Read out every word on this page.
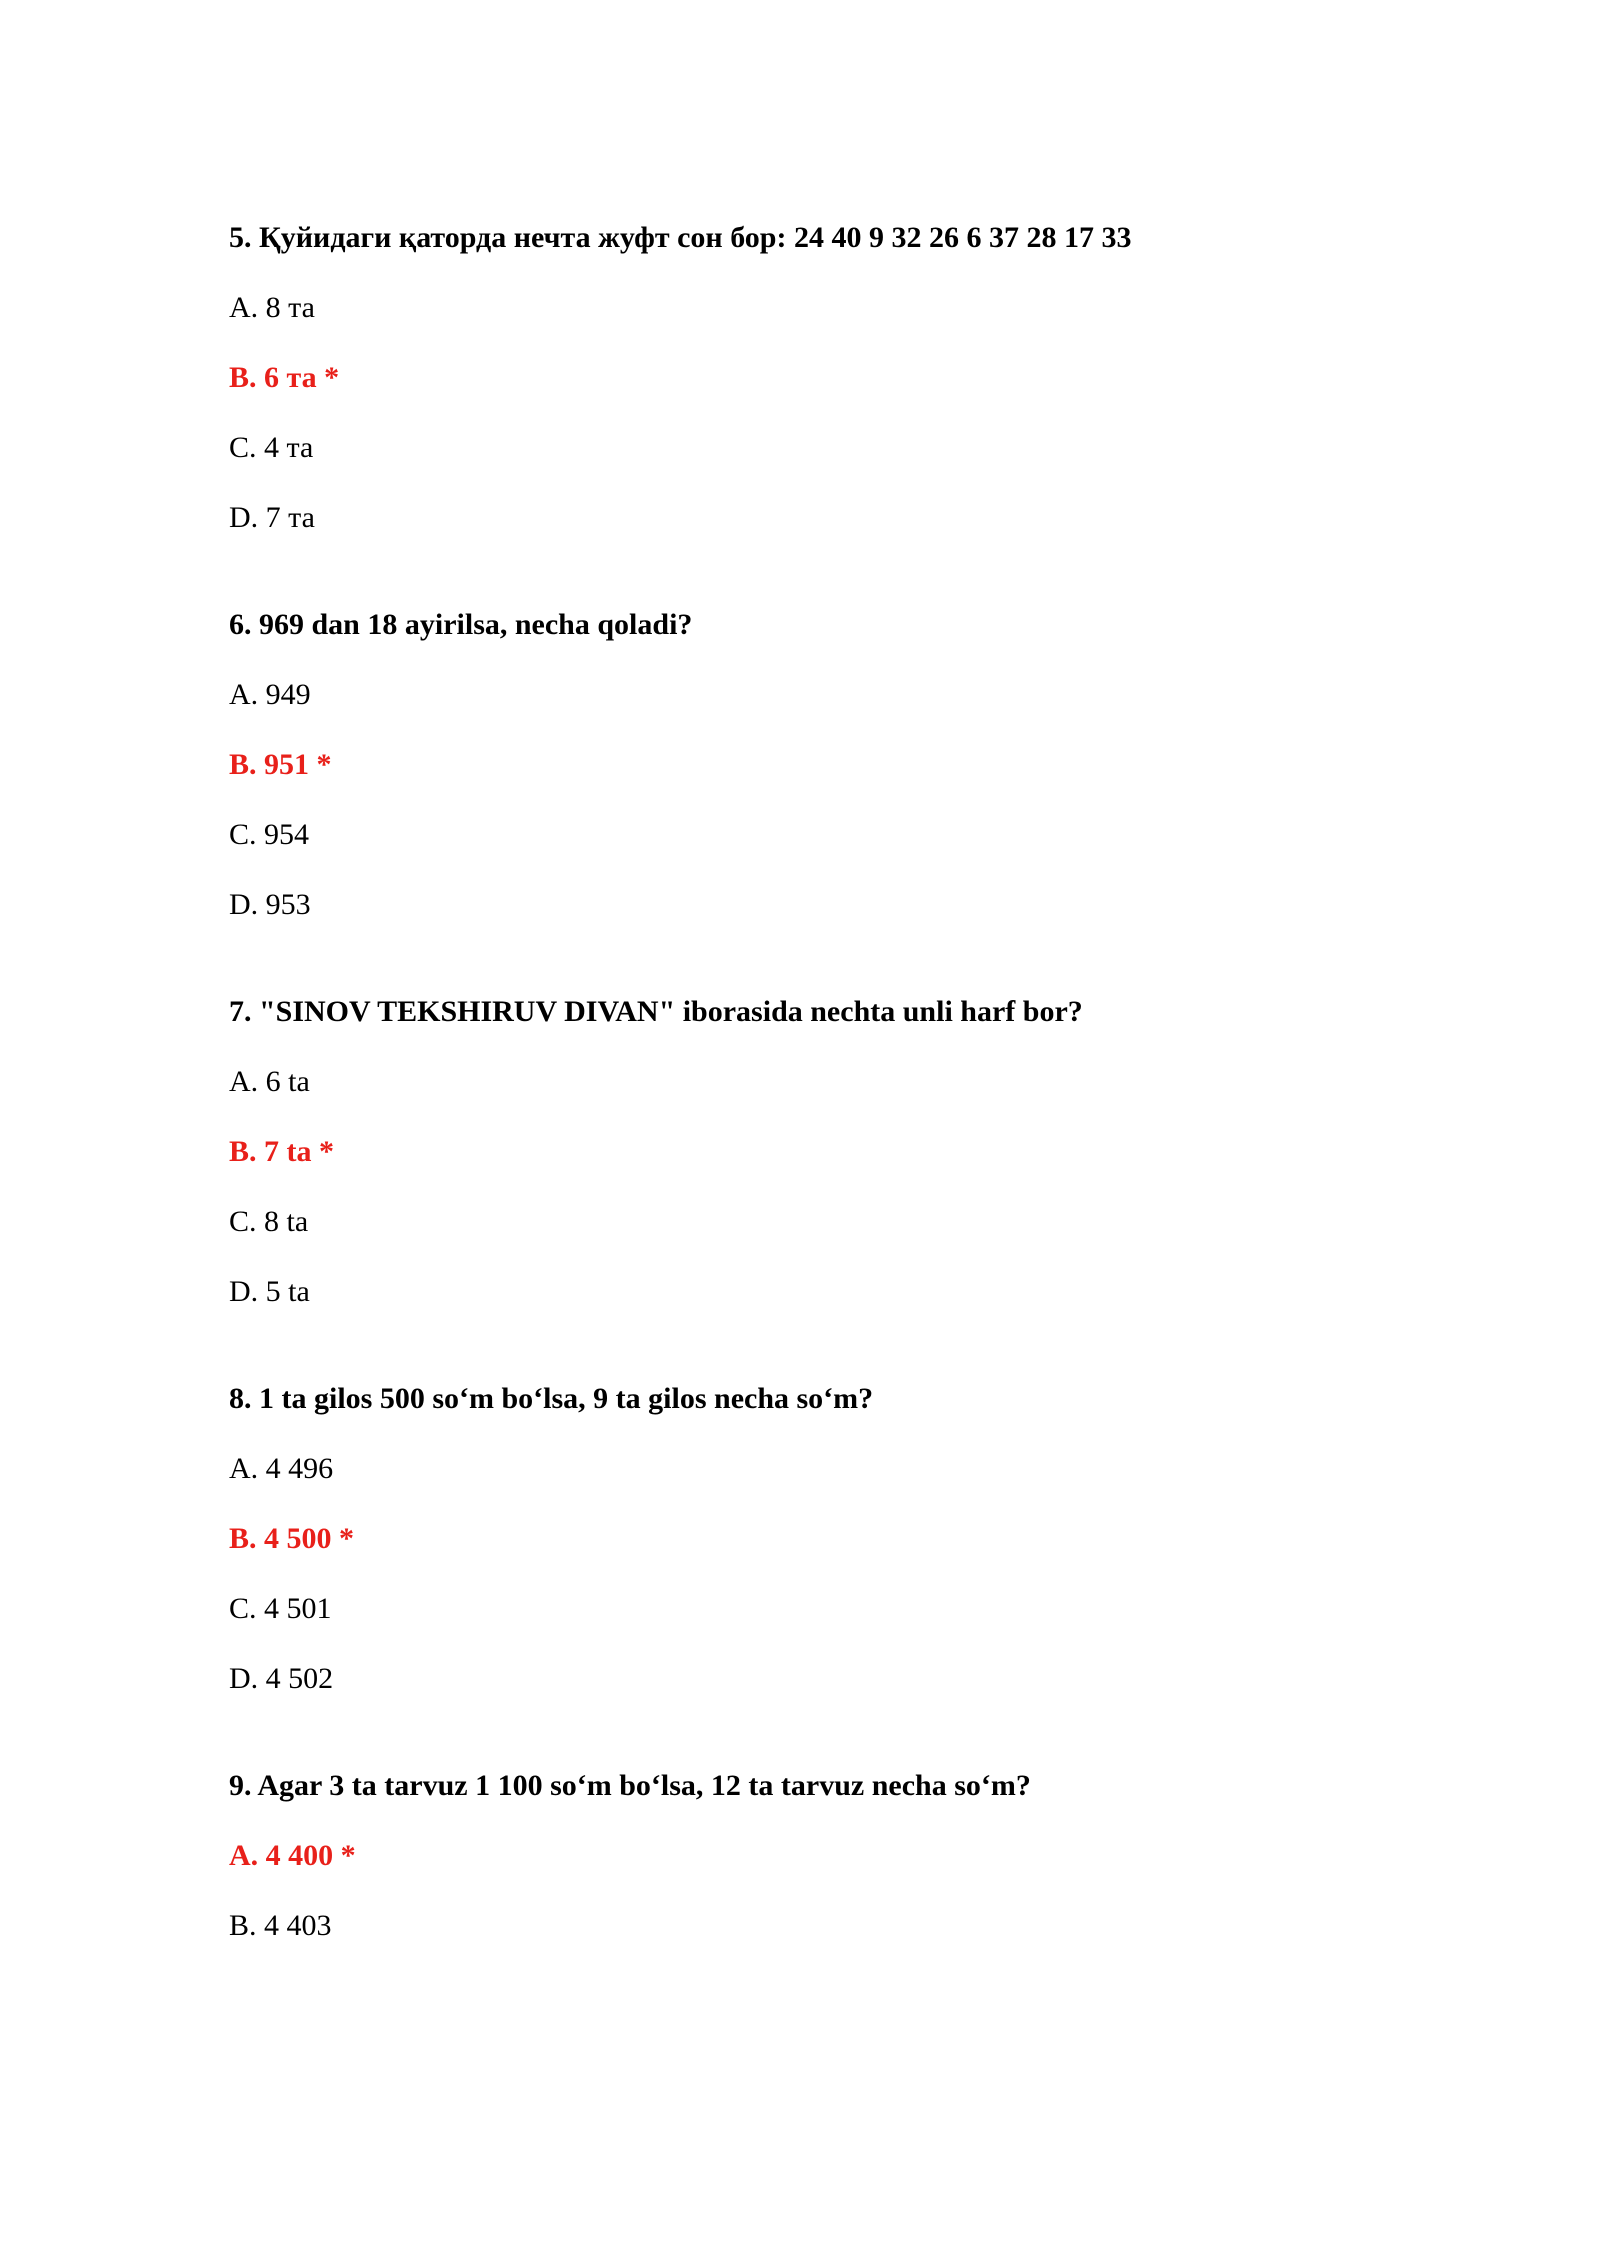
5. Қуйидаги қаторда нечта жуфт сон бор: 24 40 9 32 26 6 37 28 17 33

A. 8 та

B. 6 та *

C. 4 та

D. 7 та

6. 969 dan 18 ayirilsa, necha qoladi?

A. 949

B. 951 *

C. 954

D. 953

7. "SINOV TEKSHIRUV DIVAN" iborasida nechta unli harf bor?

A. 6 ta

B. 7 ta *

C. 8 ta

D. 5 ta

8. 1 ta gilos 500 so‘m bo‘lsa, 9 ta gilos necha so‘m?

A. 4 496

B. 4 500 *

C. 4 501

D. 4 502

9. Agar 3 ta tarvuz 1 100 so‘m bo‘lsa, 12 ta tarvuz necha so‘m?

A. 4 400 *

B. 4 403
